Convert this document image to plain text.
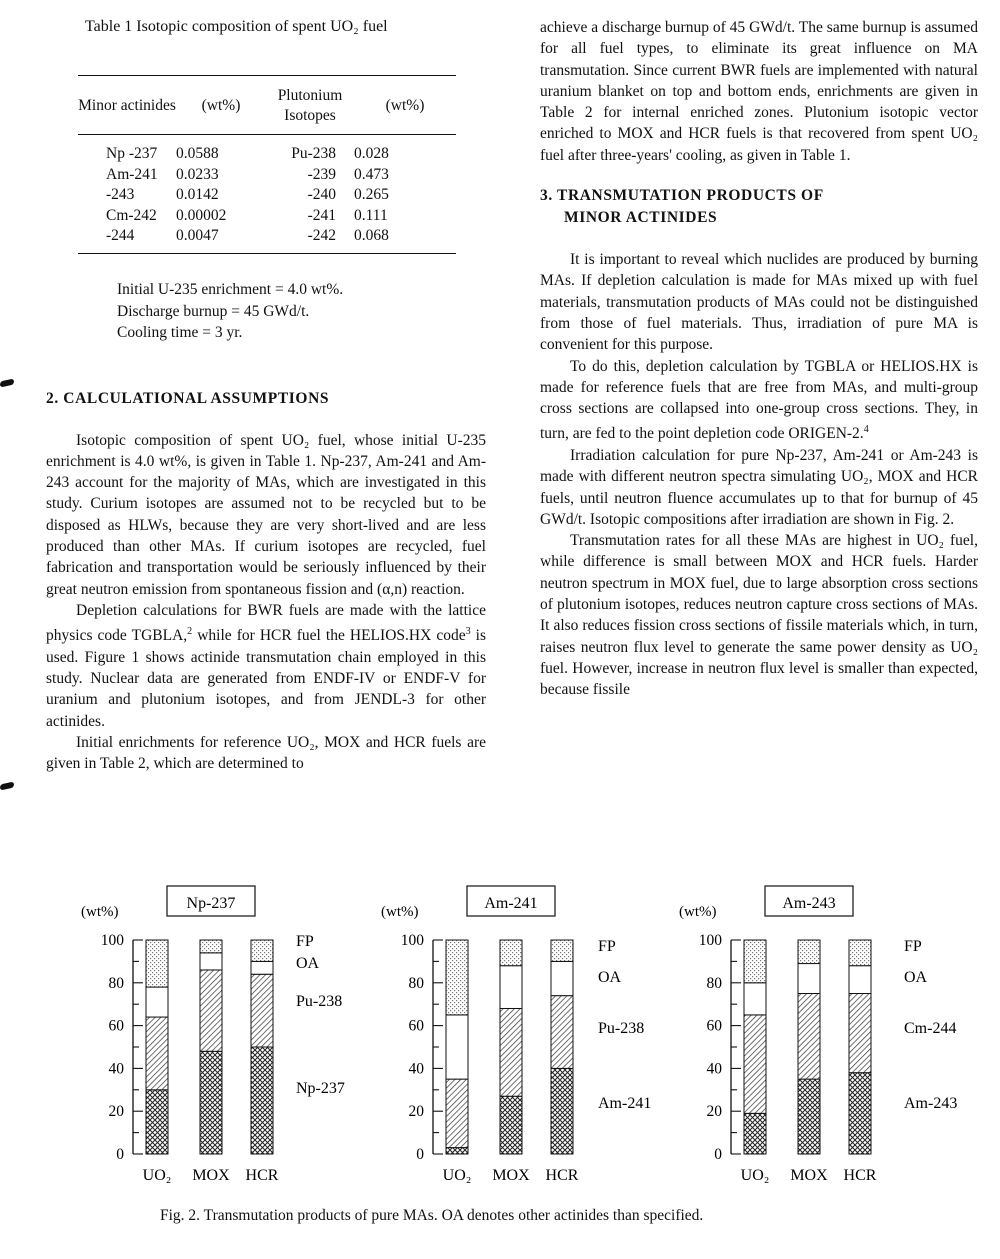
Table 1 Isotopic composition of spent UO₂ fuel
Minor actinides	(wt%)	Plutonium Isotopes	(wt%)
Np -237	0.0588	Pu-238	0.028
Am-241	0.0233	-239	0.473
-243	0.0142	-240	0.265
Cm-242	0.00002	-241	0.111
-244	0.0047	-242	0.068
Initial U-235 enrichment = 4.0 wt%.
Discharge burnup = 45 GWd/t.
Cooling time = 3 yr.
2. CALCULATIONAL ASSUMPTIONS

Isotopic composition of spent UO₂ fuel, whose initial U-235 enrichment is 4.0 wt%, is given in Table 1. Np-237, Am-241 and Am-243 account for the majority of MAs, which are investigated in this study. Curium isotopes are assumed not to be recycled but to be disposed as HLWs, because they are very short-lived and are less produced than other MAs. If curium isotopes are recycled, fuel fabrication and transportation would be seriously influenced by their great neutron emission from spontaneous fission and (α,n) reaction.

Depletion calculations for BWR fuels are made with the lattice physics code TGBLA,$^2$ while for HCR fuel the HELIOS.HX code$^3$ is used. Figure 1 shows actinide transmutation chain employed in this study. Nuclear data are generated from ENDF-IV or ENDF-V for uranium and plutonium isotopes, and from JENDL-3 for other actinides.

Initial enrichments for reference UO₂, MOX and HCR fuels are given in Table 2, which are determined to

achieve a discharge burnup of 45 GWd/t. The same burnup is assumed for all fuel types, to eliminate its great influence on MA transmutation. Since current BWR fuels are implemented with natural uranium blanket on top and bottom ends, enrichments are given in Table 2 for internal enriched zones. Plutonium isotopic vector enriched to MOX and HCR fuels is that recovered from spent UO₂ fuel after three-years' cooling, as given in Table 1.

3. TRANSMUTATION PRODUCTS OF
MINOR ACTINIDES

It is important to reveal which nuclides are produced by burning MAs. If depletion calculation is made for MAs mixed up with fuel materials, transmutation products of MAs could not be distinguished from those of fuel materials. Thus, irradiation of pure MA is convenient for this purpose.

To do this, depletion calculation by TGBLA or HELIOS.HX is made for reference fuels that are free from MAs, and multi-group cross sections are collapsed into one-group cross sections. They, in turn, are fed to the point depletion code ORIGEN-2.$^4$

Irradiation calculation for pure Np-237, Am-241 or Am-243 is made with different neutron spectra simulating UO₂, MOX and HCR fuels, until neutron fluence accumulates up to that for burnup of 45 GWd/t. Isotopic compositions after irradiation are shown in Fig. 2.

Transmutation rates for all these MAs are highest in UO₂ fuel, while difference is small between MOX and HCR fuels. Harder neutron spectrum in MOX fuel, due to large absorption cross sections of plutonium isotopes, reduces neutron capture cross sections of MAs. It also reduces fission cross sections of fissile materials which, in turn, raises neutron flux level to generate the same power density as UO₂ fuel. However, increase in neutron flux level is smaller than expected, because fissile

Np-237
(wt%)
0
20
40
60
80
100
UO₂ MOX HCR
Np-237
Pu-238
OA
FP
Am-241
(wt%)
0
20
40
60
80
100
UO₂ MOX HCR
Am-241
Pu-238
OA
FP
Am-243
(wt%)
0
20
40
60
80
100
UO₂ MOX HCR
Am-243
Cm-244
OA
FP
Fig. 2. Transmutation products of pure MAs. OA denotes other actinides than specified.
